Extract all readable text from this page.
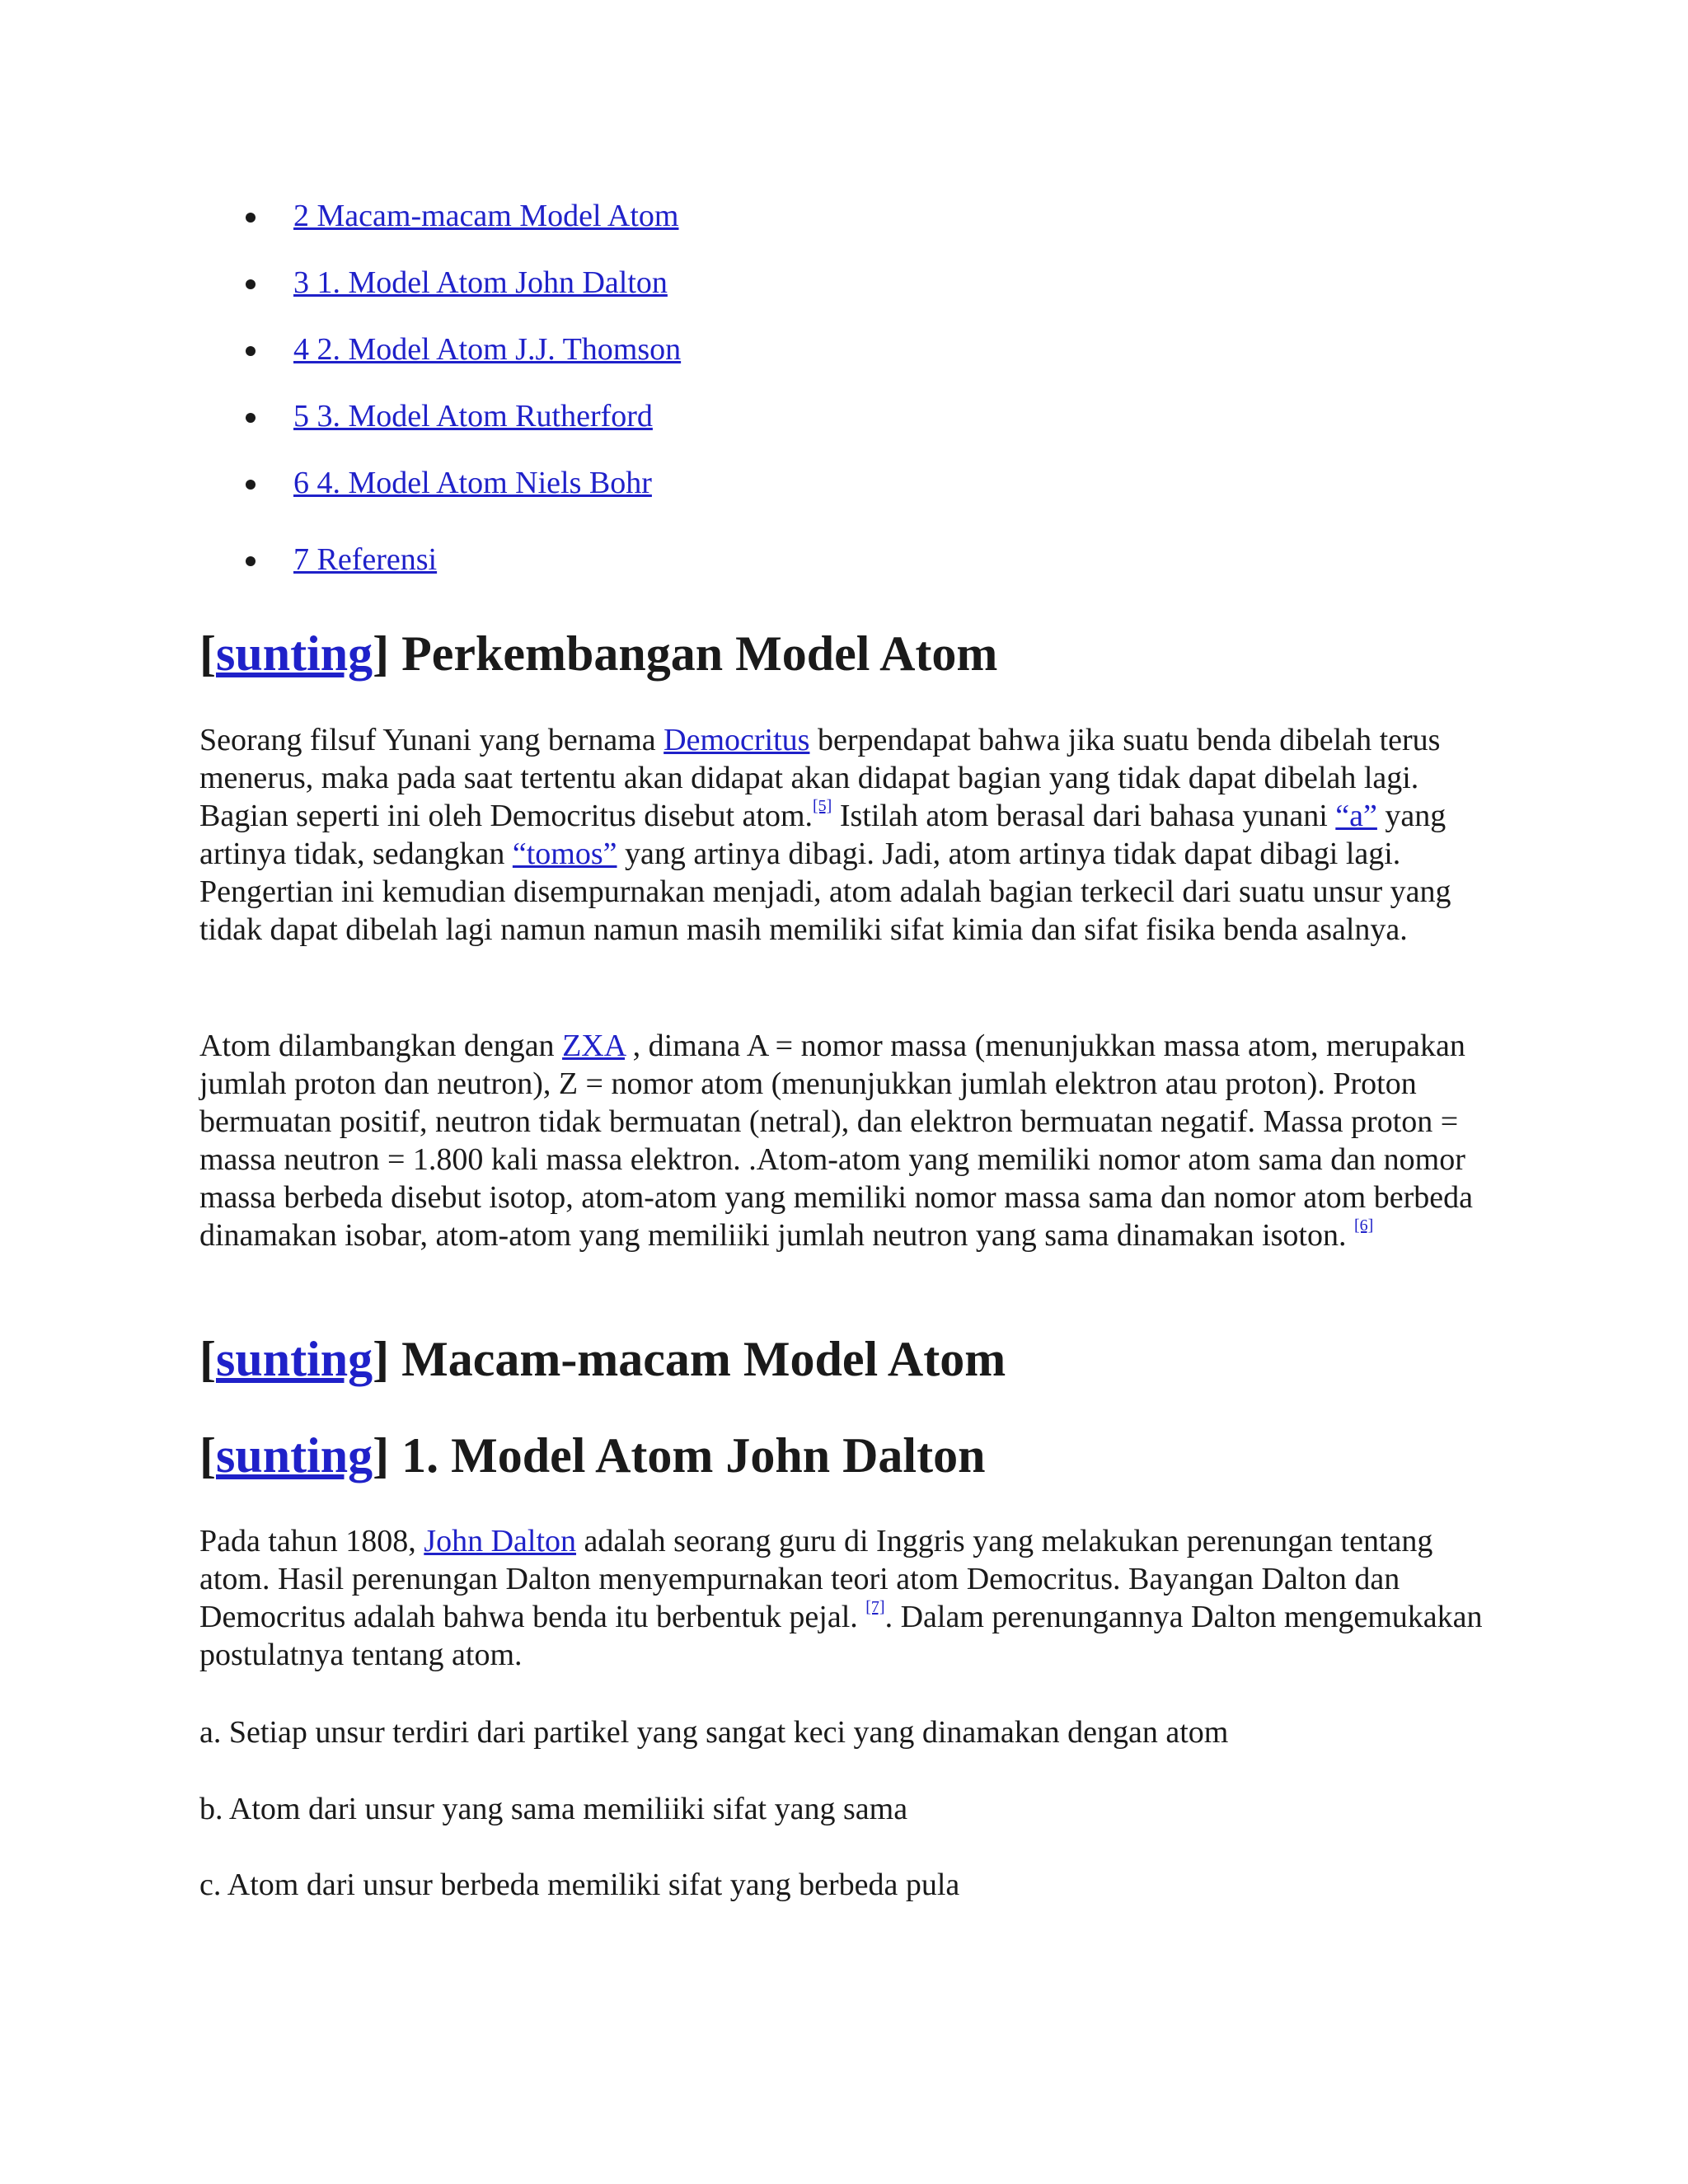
2 Macam-macam Model Atom
3 1. Model Atom John Dalton
4 2. Model Atom J.J. Thomson
5 3. Model Atom Rutherford
6 4. Model Atom Niels Bohr
7 Referensi
[sunting] Perkembangan Model Atom

Seorang filsuf Yunani yang bernama Democritus berpendapat bahwa jika suatu benda dibelah terus menerus, maka pada saat tertentu akan didapat akan didapat bagian yang tidak dapat dibelah lagi. Bagian seperti ini oleh Democritus disebut atom.[5] Istilah atom berasal dari bahasa yunani “a” yang artinya tidak, sedangkan “tomos” yang artinya dibagi. Jadi, atom artinya tidak dapat dibagi lagi. Pengertian ini kemudian disempurnakan menjadi, atom adalah bagian terkecil dari suatu unsur yang tidak dapat dibelah lagi namun namun masih memiliki sifat kimia dan sifat fisika benda asalnya.

Atom dilambangkan dengan ZXA , dimana A = nomor massa (menunjukkan massa atom, merupakan jumlah proton dan neutron), Z = nomor atom (menunjukkan jumlah elektron atau proton). Proton bermuatan positif, neutron tidak bermuatan (netral), dan elektron bermuatan negatif. Massa proton = massa neutron = 1.800 kali massa elektron. .Atom-atom yang memiliki nomor atom sama dan nomor massa berbeda disebut isotop, atom-atom yang memiliki nomor massa sama dan nomor atom berbeda dinamakan isobar, atom-atom yang memiliiki jumlah neutron yang sama dinamakan isoton. [6]

[sunting] Macam-macam Model Atom
[sunting] 1. Model Atom John Dalton

Pada tahun 1808, John Dalton adalah seorang guru di Inggris yang melakukan perenungan tentang atom. Hasil perenungan Dalton menyempurnakan teori atom Democritus. Bayangan Dalton dan Democritus adalah bahwa benda itu berbentuk pejal. [7]. Dalam perenungannya Dalton mengemukakan postulatnya tentang atom.

a. Setiap unsur terdiri dari partikel yang sangat keci yang dinamakan dengan atom

b. Atom dari unsur yang sama memiliiki sifat yang sama

c. Atom dari unsur berbeda memiliki sifat yang berbeda pula
